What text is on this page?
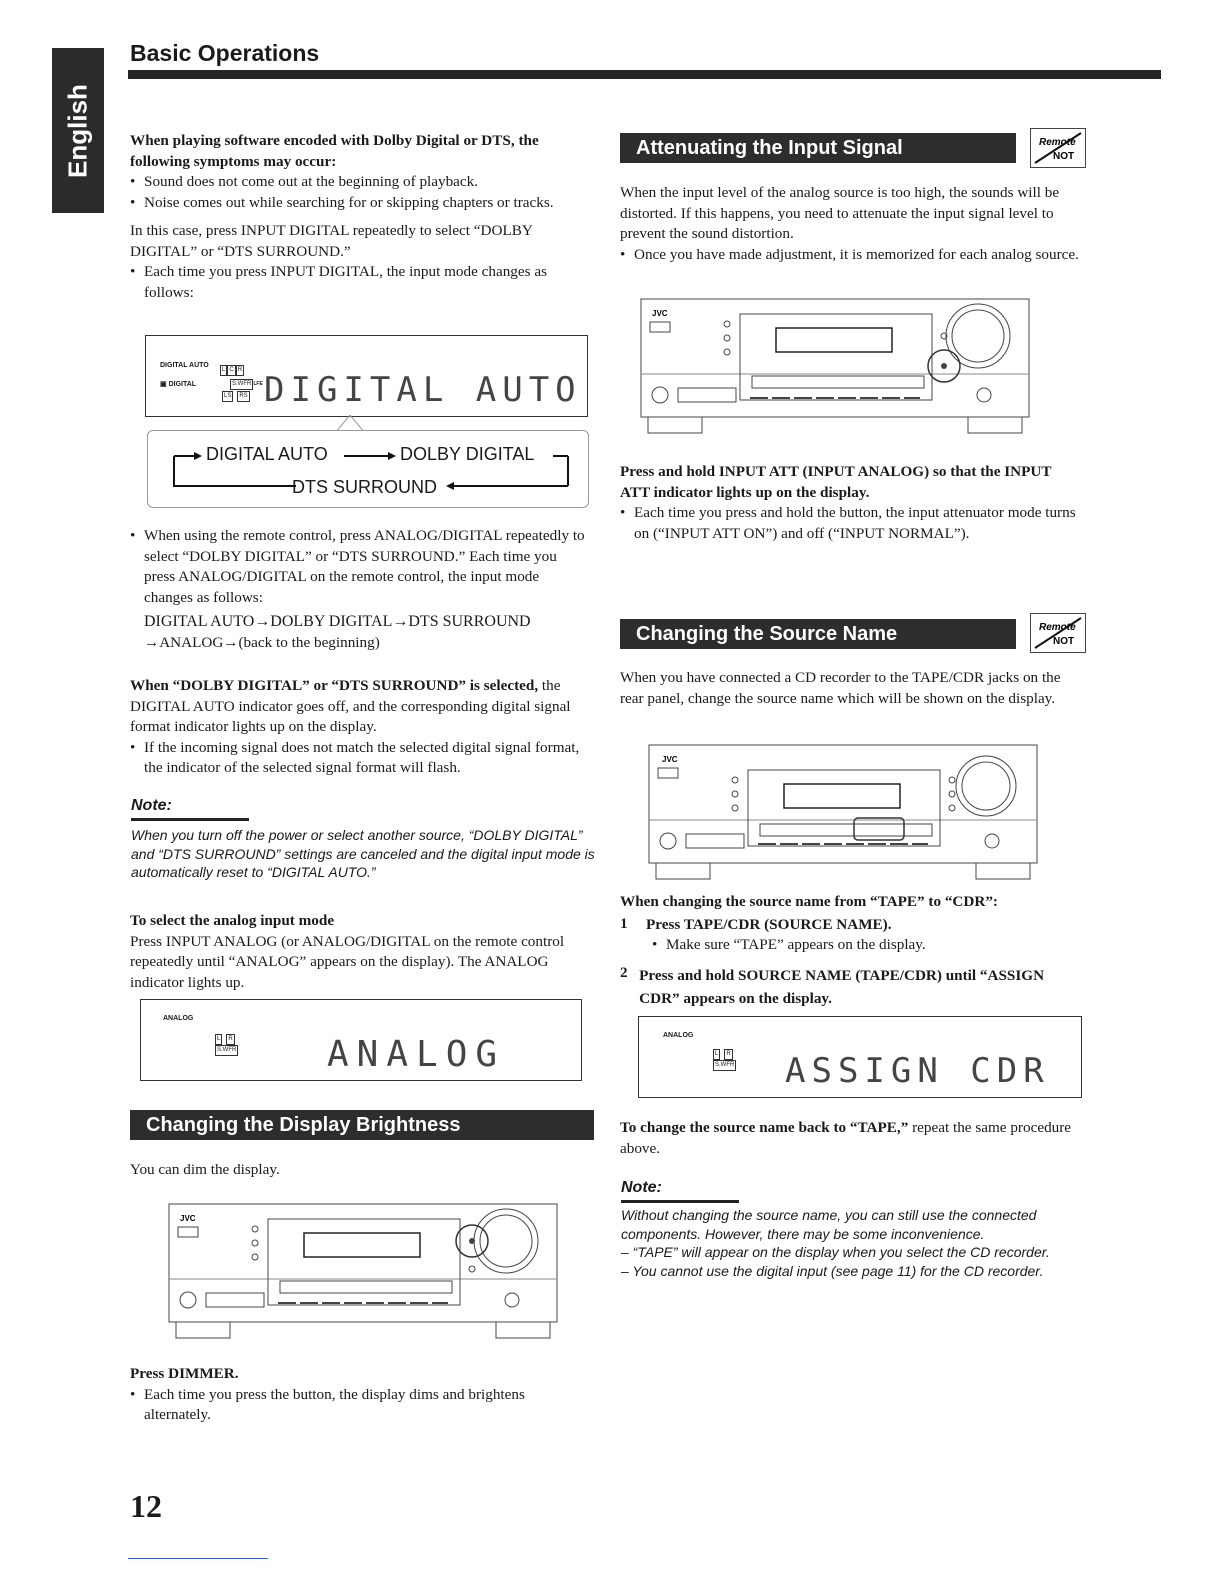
English
Basic Operations

When playing software encoded with Dolby Digital or DTS, the following symptoms may occur:

• Sound does not come out at the beginning of playback.
• Noise comes out while searching for or skipping chapters or tracks.

In this case, press INPUT DIGITAL repeatedly to select “DOLBY DIGITAL” or “DTS SURROUND.”

• Each time you press INPUT DIGITAL, the input mode changes as follows:
DIGITAL AUTO
L C R
S.WFR LFE
▣ DIGITAL
LS RS DIGITAL AUTO
DIGITAL AUTO	DOLBY DIGITAL
DTS SURROUND
• When using the remote control, press ANALOG/DIGITAL repeatedly to select “DOLBY DIGITAL” or “DTS SURROUND.” Each time you press ANALOG/DIGITAL on the remote control, the input mode changes as follows:

DIGITAL AUTO→DOLBY DIGITAL→DTS SURROUND

→ANALOG→(back to the beginning)

When “DOLBY DIGITAL” or “DTS SURROUND” is selected, the DIGITAL AUTO indicator goes off, and the corresponding digital signal format indicator lights up on the display.

• If the incoming signal does not match the selected digital signal format, the indicator of the selected signal format will flash.
Note:
When you turn off the power or select another source, “DOLBY DIGITAL” and “DTS SURROUND” settings are canceled and the digital input mode is automatically reset to “DIGITAL AUTO.”

To select the analog input mode

Press INPUT ANALOG (or ANALOG/DIGITAL on the remote control repeatedly until “ANALOG” appears on the display). The ANALOG indicator lights up.

ANALOG
L R
S.WFR	ANALOG
Changing the Display Brightness

You can dim the display.

JVC

Press DIMMER.

• Each time you press the button, the display dims and brightens alternately.
12
Attenuating the Input Signal	Remote
NOT

When the input level of the analog source is too high, the sounds will be distorted. If this happens, you need to attenuate the input signal level to prevent the sound distortion.

• Once you have made adjustment, it is memorized for each analog source.
JVC

Press and hold INPUT ATT (INPUT ANALOG) so that the INPUT ATT indicator lights up on the display.

• Each time you press and hold the button, the input attenuator mode turns on (“INPUT ATT ON”) and off (“INPUT NORMAL”).
Changing the Source Name	Remote
NOT

When you have connected a CD recorder to the TAPE/CDR jacks on the rear panel, change the source name which will be shown on the display.

JVC

When changing the source name from “TAPE” to “CDR”:

1	Press TAPE/CDR (SOURCE NAME).

• Make sure “TAPE” appears on the display.
2 Press and hold SOURCE NAME (TAPE/CDR) until “ASSIGN CDR” appears on the display.

ANALOG
L R
S.WFR ASSIGN CDR

To change the source name back to “TAPE,” repeat the same procedure above.

Note:
Without changing the source name, you can still use the connected components. However, there may be some inconvenience.
– “TAPE” will appear on the display when you select the CD recorder.
– You cannot use the digital input (see page 11) for the CD recorder.
